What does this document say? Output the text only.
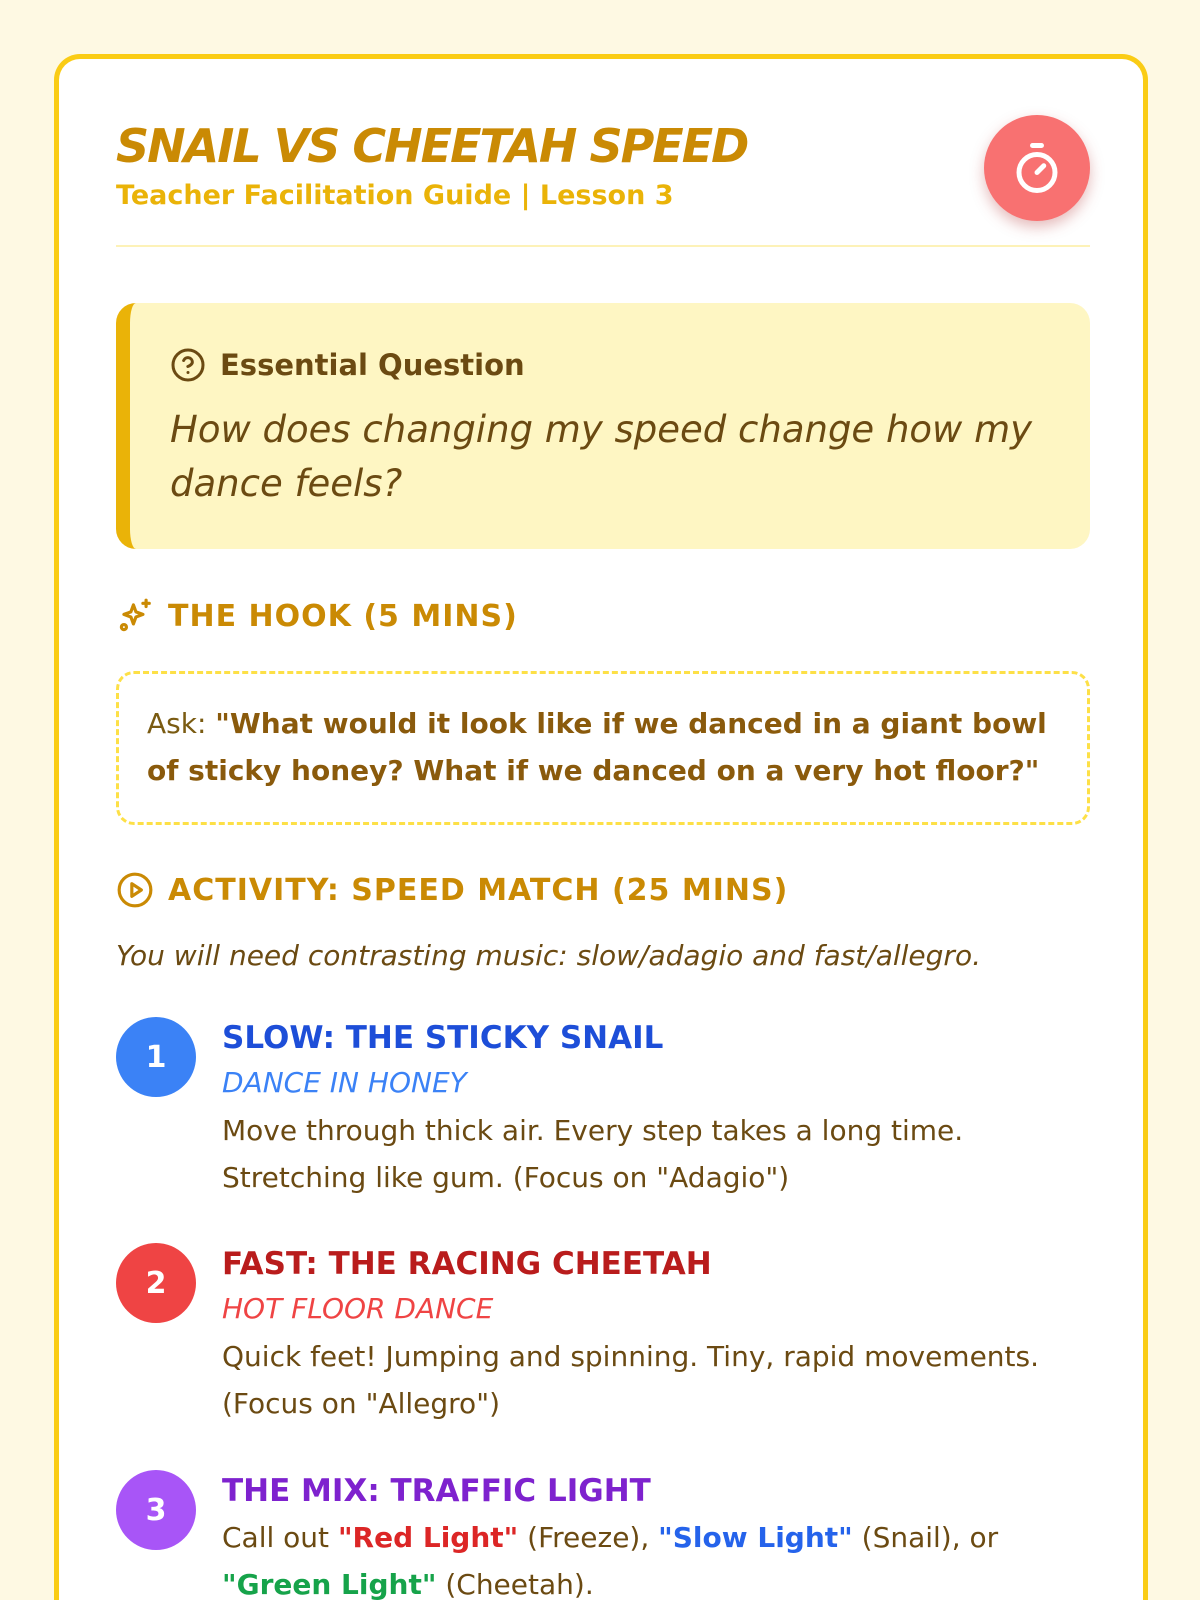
SNAIL VS CHEETAH SPEED
Teacher Facilitation Guide | Lesson 3
Essential Question
How does changing my speed change how my dance feels?
THE HOOK (5 MINS)
Ask: "What would it look like if we danced in a giant bowl of sticky honey? What if we danced on a very hot floor?"
ACTIVITY: SPEED MATCH (25 MINS)
You will need contrasting music: slow/adagio and fast/allegro.
1
SLOW: THE STICKY SNAIL
DANCE IN HONEY
Move through thick air. Every step takes a long time. Stretching like gum. (Focus on "Adagio")
2
FAST: THE RACING CHEETAH
HOT FLOOR DANCE
Quick feet! Jumping and spinning. Tiny, rapid movements. (Focus on "Allegro")
3
THE MIX: TRAFFIC LIGHT
Call out "Red Light" (Freeze), "Slow Light" (Snail), or "Green Light" (Cheetah).
